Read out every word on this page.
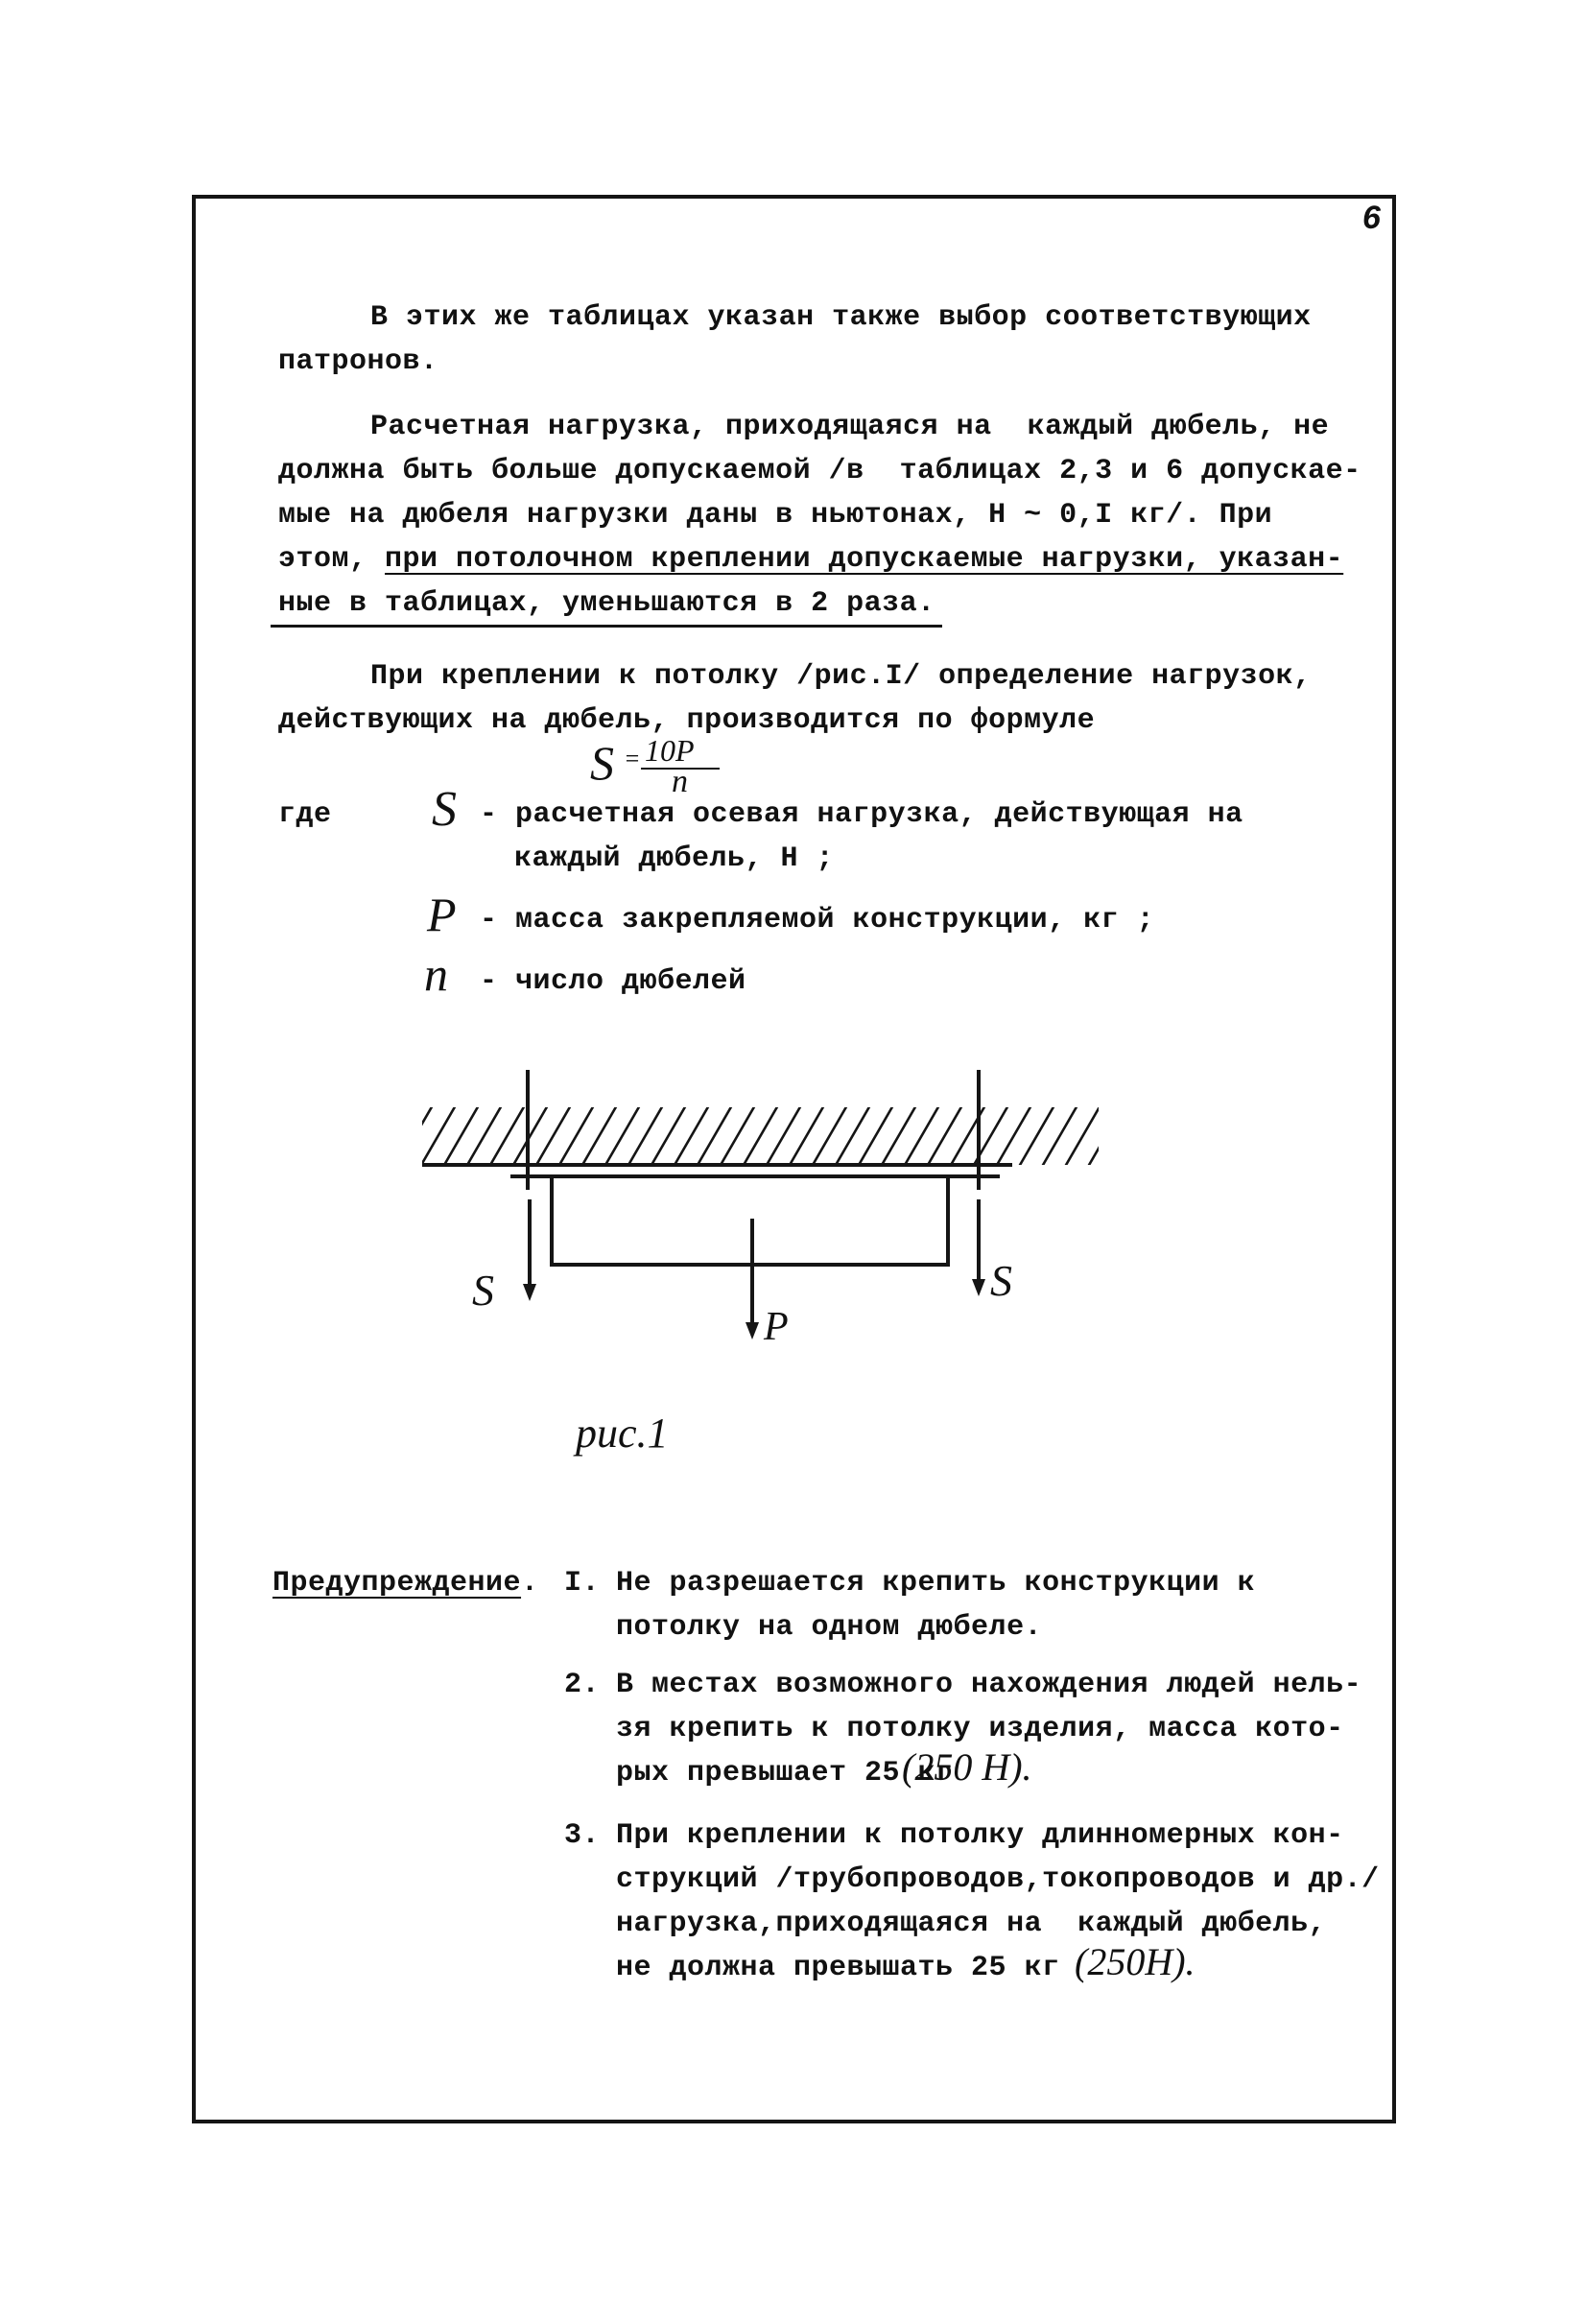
6
В этих же таблицах указан также выбор соответствующих
патронов.
Расчетная нагрузка, приходящаяся на  каждый дюбель, не
должна быть больше допускаемой /в  таблицах 2,3 и 6 допускае-
мые на дюбеля нагрузки даны в ньютонах, Н ~ 0,I кг/. При
этом, при потолочном креплении допускаемые нагрузки, указан-
ные в таблицах, уменьшаются в 2 раза.
При креплении к потолку /рис.I/ определение нагрузок,
действующих на дюбель, производится по формуле
S = 10P
n
где S - расчетная осевая нагрузка, действующая на
каждый дюбель, Н ;
P - масса закрепляемой конструкции, кг ;
n - число дюбелей
S	S
P
рис.1
Предупреждение. I. Не разрешается крепить конструкции к
потолку на одном дюбеле.
2. В местах возможного нахождения людей нель-
зя крепить к потолку изделия, масса кото-
рых превышает 25 кг
(250 Н).
3. При креплении к потолку длинномерных кон-
струкций /трубопроводов,токопроводов и др./
нагрузка,приходящаяся на  каждый дюбель,
не должна превышать 25 кг (250Н).
